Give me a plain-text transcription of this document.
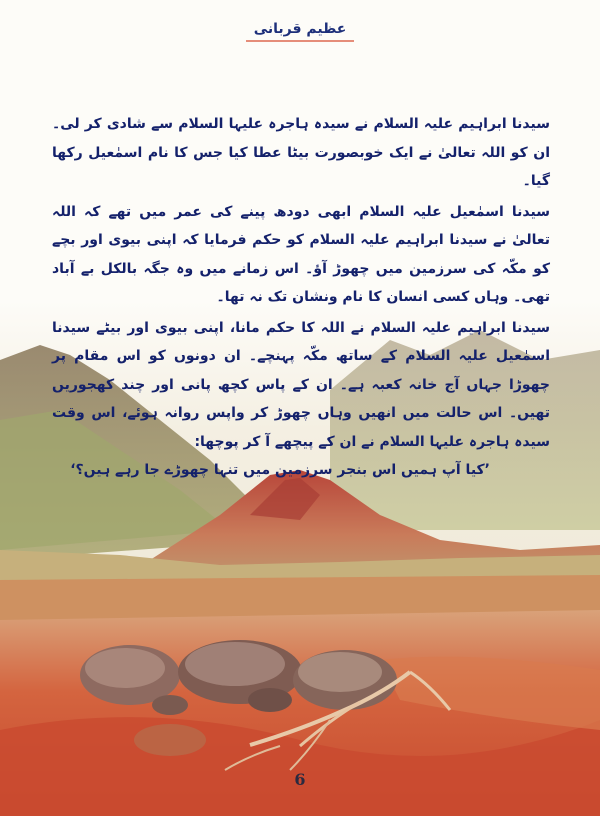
عظیم قربانی

سیدنا ابراہیم علیہ السلام نے سیدہ ہاجرہ علیہا السلام سے شادی کر لی۔ ان کو اللہ تعالیٰ نے ایک خوبصورت بیٹا عطا کیا جس کا نام اسمٰعیل رکھا گیا۔

سیدنا اسمٰعیل علیہ السلام ابھی دودھ پینے کی عمر میں تھے کہ اللہ تعالیٰ نے سیدنا ابراہیم علیہ السلام کو حکم فرمایا کہ اپنی بیوی اور بچے کو مکّہ کی سرزمین میں چھوڑ آؤ۔ اس زمانے میں وہ جگہ بالکل بے آباد تھی۔ وہاں کسی انسان کا نام ونشان تک نہ تھا۔

سیدنا ابراہیم علیہ السلام نے اللہ کا حکم مانا، اپنی بیوی اور بیٹے سیدنا اسمٰعیل علیہ السلام کے ساتھ مکّہ پہنچے۔ ان دونوں کو اس مقام پر چھوڑا جہاں آج خانہ کعبہ ہے۔ ان کے پاس کچھ پانی اور چند کھجوریں تھیں۔ اس حالت میں انھیں وہاں چھوڑ کر واپس روانہ ہوئے، اس وقت سیدہ ہاجرہ علیہا السلام نے ان کے پیچھے آ کر پوچھا:

’کیا آپ ہمیں اس بنجر سرزمین میں تنہا چھوڑے جا رہے ہیں؟‘

6
